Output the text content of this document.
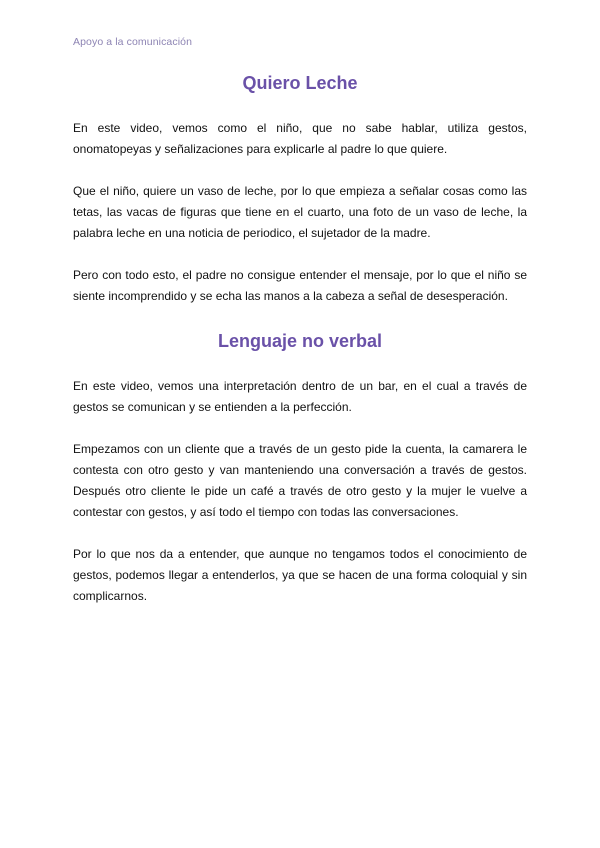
Apoyo a la comunicación
Quiero Leche

En este video, vemos como el niño, que no sabe hablar, utiliza gestos, onomatopeyas y señalizaciones para explicarle al padre lo que quiere.

Que el niño, quiere un vaso de leche, por lo que empieza a señalar cosas como las tetas, las vacas de figuras que tiene en el cuarto, una foto de un vaso de leche, la palabra leche en una noticia de periodico, el sujetador de la madre.

Pero con todo esto, el padre no consigue entender el mensaje, por lo que el niño se siente incomprendido y se echa las manos a la cabeza a señal de desesperación.

Lenguaje no verbal

En este video, vemos una interpretación dentro de un bar, en el cual a través de gestos se comunican y se entienden a la perfección.

Empezamos con un cliente que a través de un gesto pide la cuenta, la camarera le contesta con otro gesto y van manteniendo una conversación a través de gestos. Después otro cliente le pide un café a través de otro gesto y la mujer le vuelve a contestar con gestos, y así todo el tiempo con todas las conversaciones.

Por lo que nos da a entender, que aunque no tengamos todos el conocimiento de gestos, podemos llegar a entenderlos, ya que se hacen de una forma coloquial y sin complicarnos.
